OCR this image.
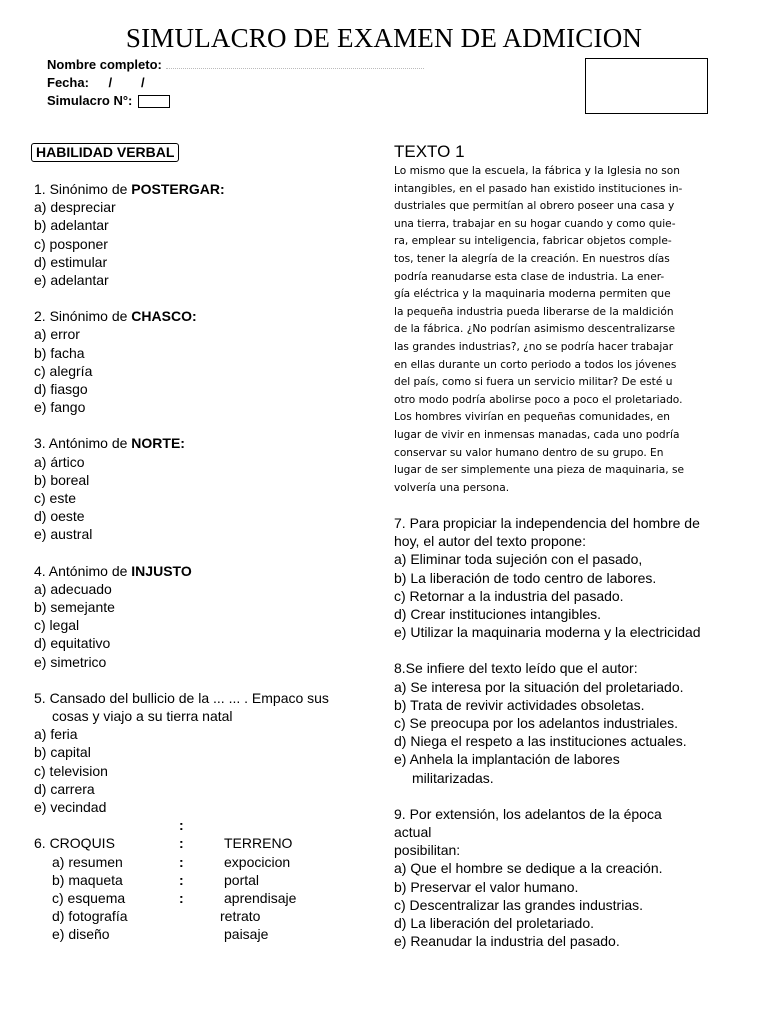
SIMULACRO DE EXAMEN DE ADMICION
Nombre completo:
Fecha: /        /
Simulacro N°:
HABILIDAD VERBAL
1. Sinónimo de POSTERGAR:
a) despreciar
b) adelantar
c) posponer
d) estimular
e) adelantar
2. Sinónimo de CHASCO:
a) error
b) facha
c) alegría
d) fiasgo
e) fango
3. Antónimo de NORTE:
a) ártico
b) boreal
c) este
d) oeste
e) austral
4. Antónimo de INJUSTO
a) adecuado
b) semejante
c) legal
d) equitativo
e) simetrico
5. Cansado del bullicio de la ... ... . Empaco sus
cosas y viajo a su tierra natal
a) feria
b) capital
c) television
d) carrera
e) vecindad
:
6. CROQUIS	:	TERRENO
a) resumen	:	expocicion
b) maqueta	:	portal
c) esquema	:	aprendisaje
d) fotografía	retrato
e) diseño	paisaje
TEXTO 1
Lo mismo que la escuela, la fábrica y la Iglesia no son
intangibles, en el pasado han existido instituciones in-
dustriales que permitían al obrero poseer una casa y
una tierra, trabajar en su hogar cuando y como quie-
ra, emplear su inteligencia, fabricar objetos comple-
tos, tener la alegría de la creación. En nuestros días
podría reanudarse esta clase de industria. La ener-
gía eléctrica y la maquinaria moderna permiten que
la pequeña industria pueda liberarse de la maldición
de la fábrica. ¿No podrían asimismo descentralizarse
las grandes industrias?, ¿no se podría hacer trabajar
en ellas durante un corto periodo a todos los jóvenes
del país, como si fuera un servicio militar? De esté u
otro modo podría abolirse poco a poco el proletariado.
Los hombres vivirían en pequeñas comunidades, en
lugar de vivir en inmensas manadas, cada uno podría
conservar su valor humano dentro de su grupo. En
lugar de ser simplemente una pieza de maquinaria, se
volvería una persona.
7. Para propiciar la independencia del hombre de
hoy, el autor del texto propone:
a) Eliminar toda sujeción con el pasado,
b) La liberación de todo centro de labores.
c) Retornar a la industria del pasado.
d) Crear instituciones intangibles.
e) Utilizar la maquinaria moderna y la electricidad
8.Se infiere del texto leído que el autor:
a) Se interesa por la situación del proletariado.
b) Trata de revivir actividades obsoletas.
c) Se preocupa por los adelantos industriales.
d) Niega el respeto a las instituciones actuales.
e) Anhela la implantación de labores
militarizadas.
9. Por extensión, los adelantos de la época
actual
posibilitan:
a) Que el hombre se dedique a la creación.
b) Preservar el valor humano.
c) Descentralizar las grandes industrias.
d) La liberación del proletariado.
e) Reanudar la industria del pasado.
